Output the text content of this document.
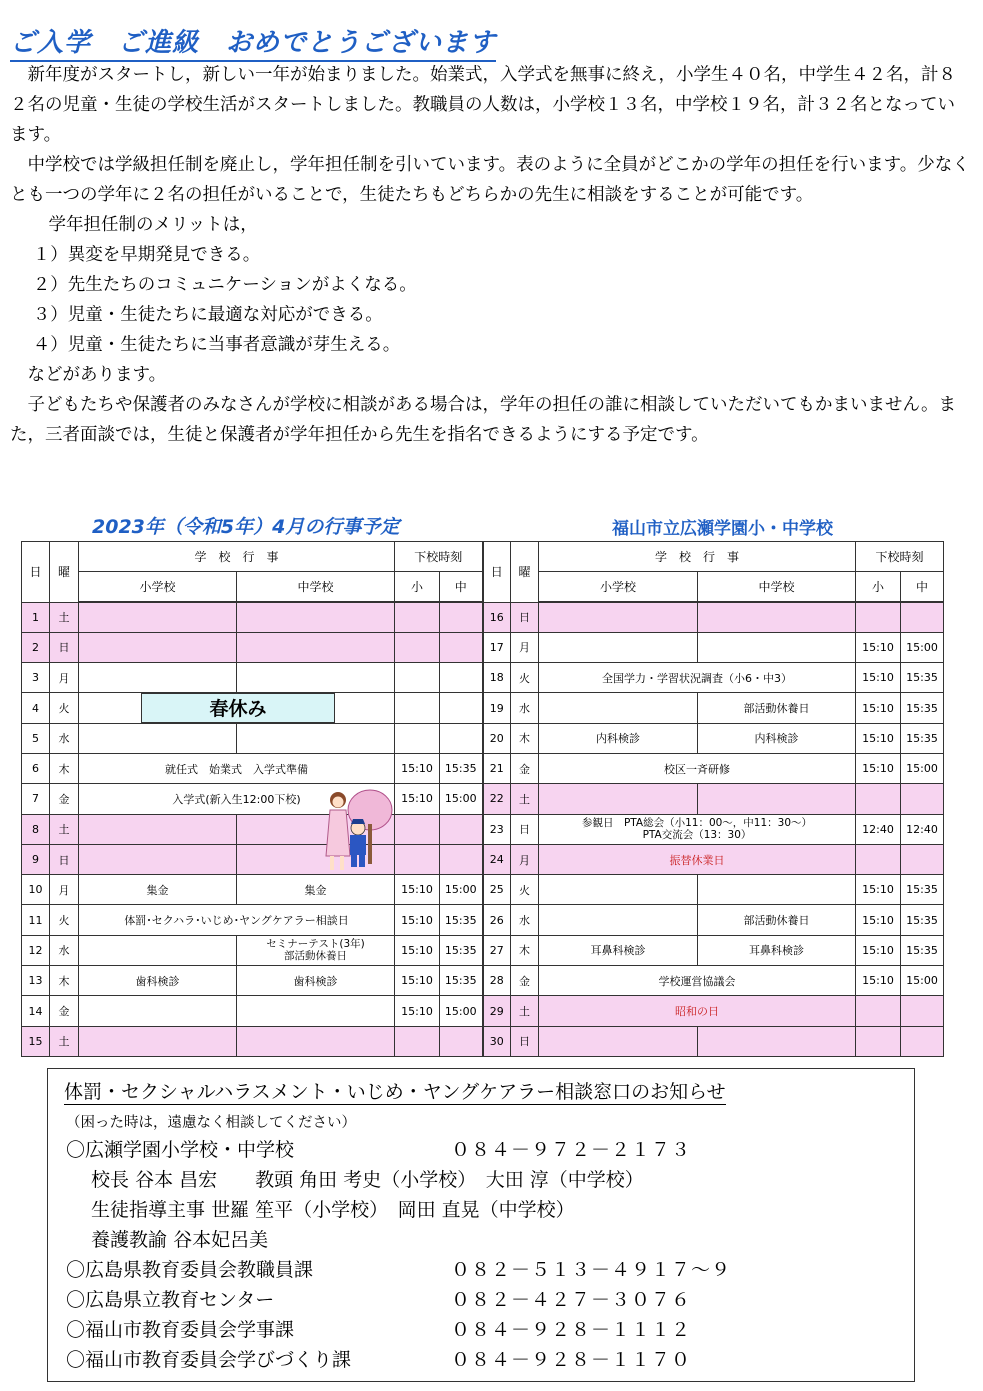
ご入学　ご進級　おめでとうございます

新年度がスタートし，新しい一年が始まりました。始業式，入学式を無事に終え，小学生４０名，中学生４２名，計８２名の児童・生徒の学校生活がスタートしました。教職員の人数は，小学校１３名，中学校１９名，計３２名となっています。

中学校では学級担任制を廃止し，学年担任制を引いています。表のように全員がどこかの学年の担任を行います。少なくとも一つの学年に２名の担任がいることで，生徒たちもどちらかの先生に相談をすることが可能です。

学年担任制のメリットは，

１）異変を早期発見できる。

２）先生たちのコミュニケーションがよくなる。

３）児童・生徒たちに最適な対応ができる。

４）児童・生徒たちに当事者意識が芽生える。

などがあります。

子どもたちや保護者のみなさんが学校に相談がある場合は，学年の担任の誰に相談していただいてもかまいません。また，三者面談では，生徒と保護者が学年担任から先生を指名できるようにする予定です。

2023年（令和5年）4月の行事予定	福山市立広瀬学園小・中学校
日	曜	学　校　行　事		下校時刻		日	曜	学　校　行　事		下校時刻	
		小学校	中学校	小	中			小学校	中学校	小	中
1	土					16	日				
2	日					17	月			15:10	15:00
3	月					18	火	全国学力・学習状況調査（小6・中3）		15:10	15:35
4	火					19	水		部活動休養日	15:10	15:35
5	水					20	木	内科検診	内科検診	15:10	15:35
6	木	就任式　始業式　入学式準備		15:10	15:35	21	金	校区一斉研修		15:10	15:00
7	金	入学式(新入生12:00下校)		15:10	15:00	22	土				
8	土					23	日	参観日　PTA総会（小11：00～，中11：30～）
PTA交流会（13：30）		12:40	12:40
9	日					24	月	振替休業日			
10	月	集金	集金	15:10	15:00	25	火			15:10	15:35
11	火	体罰･セクハラ･いじめ･ヤングケアラー相談日		15:10	15:35	26	水		部活動休養日	15:10	15:35
12	水		セミナーテスト(3年)
部活動休養日	15:10	15:35	27	木	耳鼻科検診	耳鼻科検診	15:10	15:35
13	木	歯科検診	歯科検診	15:10	15:35	28	金	学校運営協議会		15:10	15:00
14	金			15:10	15:00	29	土	昭和の日			
15	土					30	日				
春休み
体罰・セクシャルハラスメント・いじめ・ヤングケアラー相談窓口のお知らせ
（困った時は，遠慮なく相談してください）
〇広瀬学園小学校・中学校	０８４－９７２－２１７３
　 校長 谷本 昌宏　　教頭 角田 考史（小学校）　大田 淳（中学校）
　 生徒指導主事 世羅 笙平（小学校）　岡田 直晃（中学校）
　 養護教諭 谷本妃呂美
〇広島県教育委員会教職員課	０８２－５１３－４９１７～９
〇広島県立教育センター	０８２－４２７－３０７６
〇福山市教育委員会学事課	０８４－９２８－１１１２
〇福山市教育委員会学びづくり課	０８４－９２８－１１７０
